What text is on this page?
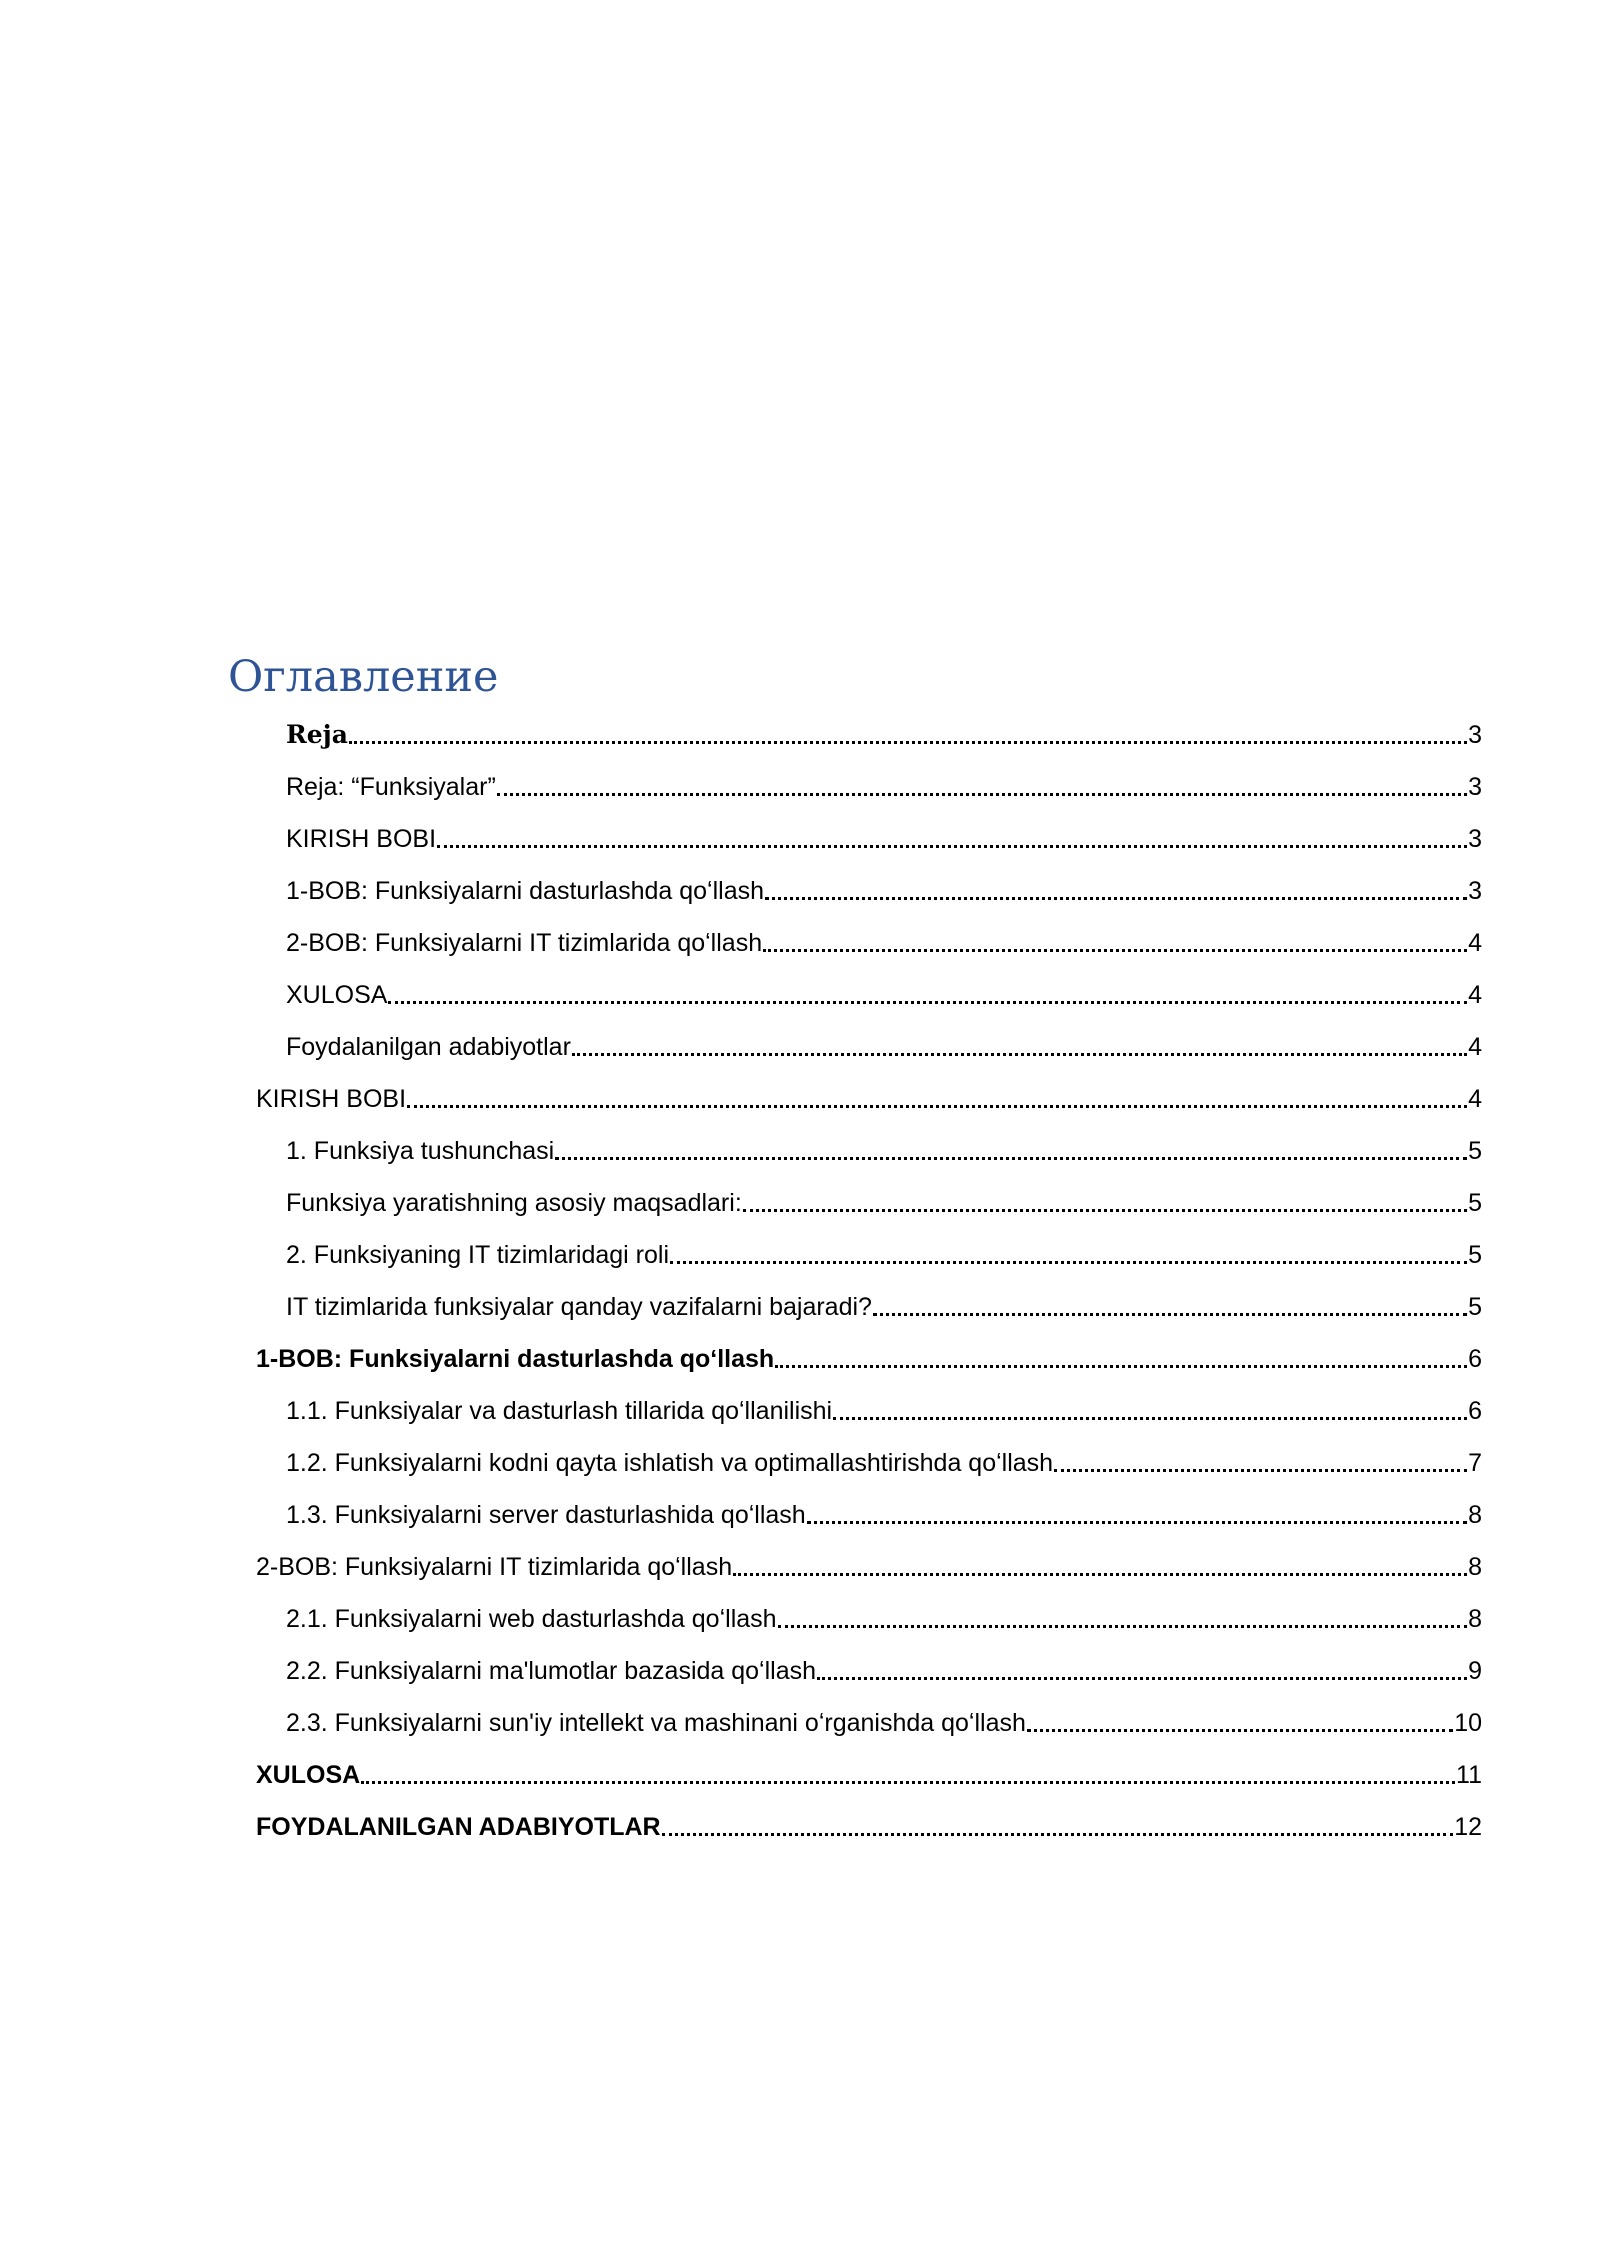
Оглавление
Reja	3
Reja: “Funksiyalar”	3
KIRISH BOBI	3
1-BOB: Funksiyalarni dasturlashda qoʻllash	3
2-BOB: Funksiyalarni IT tizimlarida qoʻllash	4
XULOSA	4
Foydalanilgan adabiyotlar	4
KIRISH BOBI	4
1. Funksiya tushunchasi	5
Funksiya yaratishning asosiy maqsadlari:	5
2. Funksiyaning IT tizimlaridagi roli	5
IT tizimlarida funksiyalar qanday vazifalarni bajaradi?	5
1-BOB: Funksiyalarni dasturlashda qoʻllash	6
1.1. Funksiyalar va dasturlash tillarida qoʻllanilishi	6
1.2. Funksiyalarni kodni qayta ishlatish va optimallashtirishda qoʻllash	7
1.3. Funksiyalarni server dasturlashida qoʻllash	8
2-BOB: Funksiyalarni IT tizimlarida qoʻllash	8
2.1. Funksiyalarni web dasturlashda qoʻllash	8
2.2. Funksiyalarni ma'lumotlar bazasida qoʻllash	9
2.3. Funksiyalarni sun'iy intellekt va mashinani oʻrganishda qoʻllash	10
XULOSA	11
FOYDALANILGAN ADABIYOTLAR	12
